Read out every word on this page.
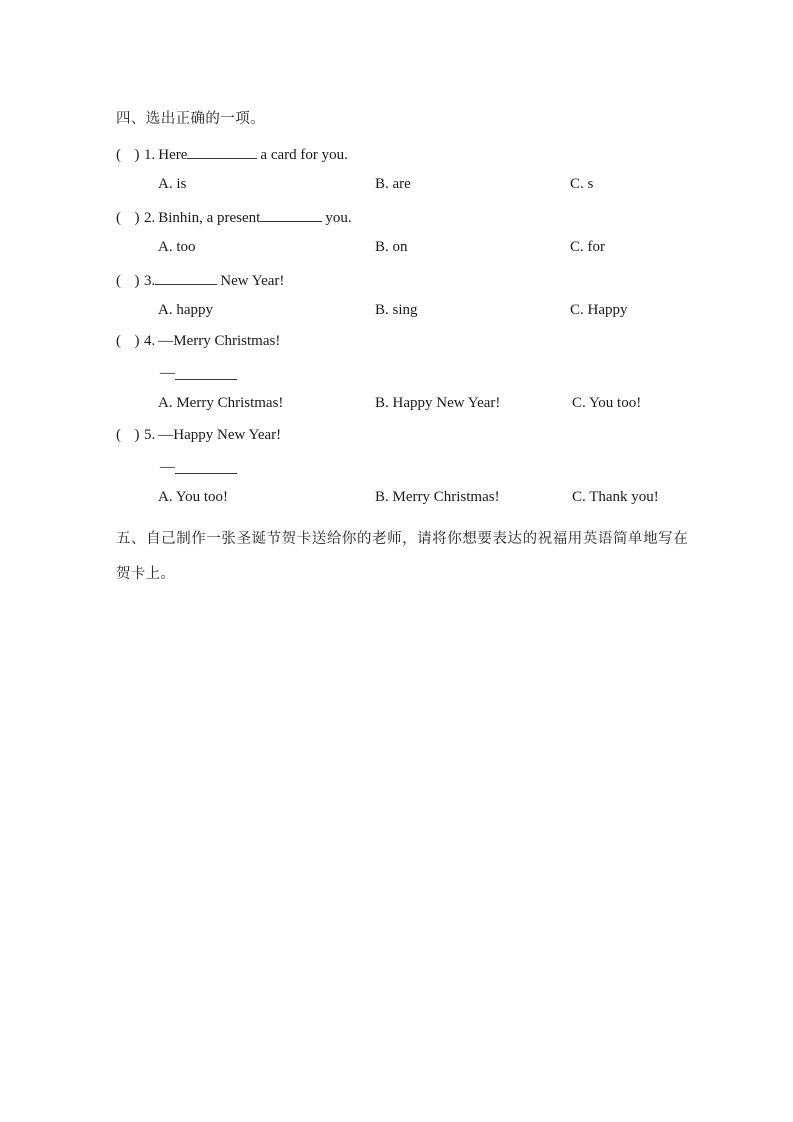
四、选出正确的一项。
( ) 1. Here	a card for you.
A. is	B. are	C. s
( ) 2. Binhin, a present	you.
A. too	B. on	C. for
( ) 3.	New Year!
A. happy	B. sing	C. Happy
( ) 4. —Merry Christmas!
—
A. Merry Christmas!	B. Happy New Year!	C. You too!
( ) 5. —Happy New Year!
—
A. You too!	B. Merry Christmas!	C. Thank you!
五、自己制作一张圣诞节贺卡送给你的老师，请将你想要表达的祝福用英语简单地写在贺卡上。
